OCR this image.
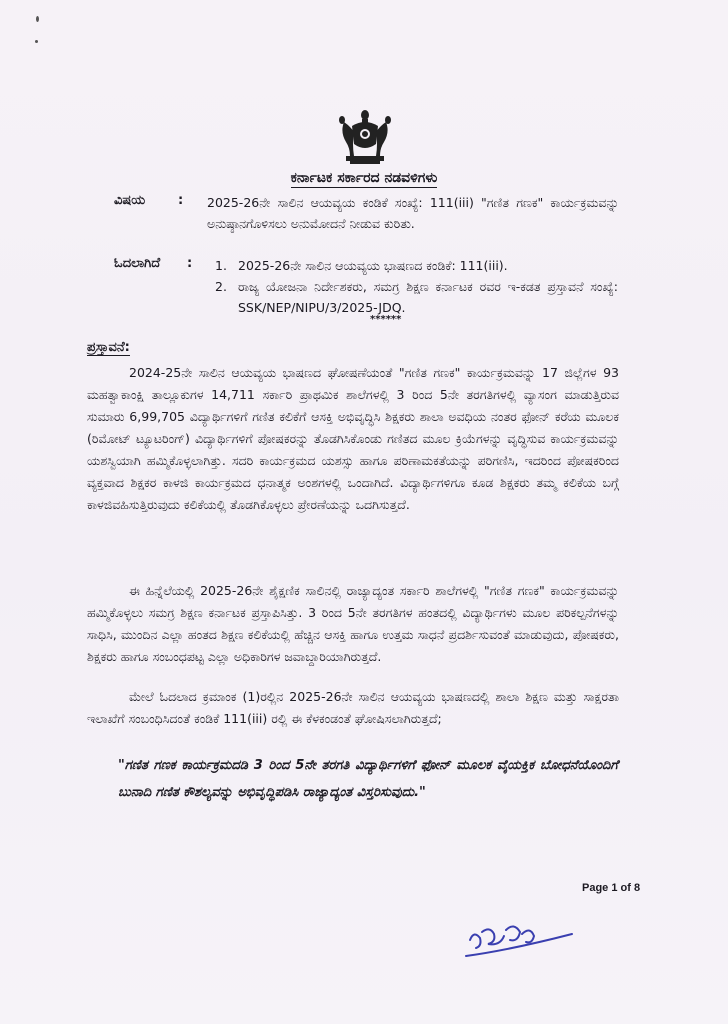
ಕರ್ನಾಟಕ ಸರ್ಕಾರದ ನಡವಳಿಗಳು
ವಿಷಯ	: 2025-26ನೇ ಸಾಲಿನ ಆಯವ್ಯಯ ಕಂಡಿಕೆ ಸಂಖ್ಯೆ: 111(iii) "ಗಣಿತ ಗಣಕ" ಕಾರ್ಯಕ್ರಮವನ್ನು ಅನುಷ್ಠಾನಗೊಳಿಸಲು ಅನುಮೋದನೆ ನೀಡುವ ಕುರಿತು.
ಓದಲಾಗಿದೆ : 1. 2025-26ನೇ ಸಾಲಿನ ಆಯವ್ಯಯ ಭಾಷಣದ ಕಂಡಿಕೆ: 111(iii).
2. ರಾಜ್ಯ ಯೋಜನಾ ನಿರ್ದೇಶಕರು, ಸಮಗ್ರ ಶಿಕ್ಷಣ ಕರ್ನಾಟಕ ರವರ ಇ-ಕಡತ ಪ್ರಸ್ತಾವನೆ ಸಂಖ್ಯೆ: SSK/NEP/NIPU/3/2025-JDQ.
******
ಪ್ರಸ್ತಾವನೆ:
2024-25ನೇ ಸಾಲಿನ ಆಯವ್ಯಯ ಭಾಷಣದ ಘೋಷಣೆಯಂತೆ "ಗಣಿತ ಗಣಕ" ಕಾರ್ಯಕ್ರಮವನ್ನು 17 ಜಿಲ್ಲೆಗಳ 93 ಮಹತ್ವಾಕಾಂಕ್ಷಿ ತಾಲ್ಲೂಕುಗಳ 14,711 ಸರ್ಕಾರಿ ಪ್ರಾಥಮಿಕ ಶಾಲೆಗಳಲ್ಲಿ 3 ರಿಂದ 5ನೇ ತರಗತಿಗಳಲ್ಲಿ ವ್ಯಾಸಂಗ ಮಾಡುತ್ತಿರುವ ಸುಮಾರು 6,99,705 ವಿದ್ಯಾರ್ಥಿಗಳಿಗೆ ಗಣಿತ ಕಲಿಕೆಗೆ ಆಸಕ್ತಿ ಅಭಿವೃದ್ಧಿಸಿ ಶಿಕ್ಷಕರು ಶಾಲಾ ಅವಧಿಯ ನಂತರ ಫೋನ್ ಕರೆಯ ಮೂಲಕ (ರಿಮೋಟ್ ಟ್ಯೂಟರಿಂಗ್) ವಿದ್ಯಾರ್ಥಿಗಳಿಗೆ ಪೋಷಕರನ್ನು ತೊಡಗಿಸಿಕೊಂಡು ಗಣಿತದ ಮೂಲ ಕ್ರಿಯೆಗಳನ್ನು ವೃದ್ಧಿಸುವ ಕಾರ್ಯಕ್ರಮವನ್ನು ಯಶಸ್ವಿಯಾಗಿ ಹಮ್ಮಿಕೊಳ್ಳಲಾಗಿತ್ತು. ಸದರಿ ಕಾರ್ಯಕ್ರಮದ ಯಶಸ್ಸು ಹಾಗೂ ಪರಿಣಾಮಕತೆಯನ್ನು ಪರಿಗಣಿಸಿ, ಇದರಿಂದ ಪೋಷಕರಿಂದ ವ್ಯಕ್ತವಾದ ಶಿಕ್ಷಕರ ಕಾಳಜಿ ಕಾರ್ಯಕ್ರಮದ ಧನಾತ್ಮಕ ಅಂಶಗಳಲ್ಲಿ ಒಂದಾಗಿದೆ. ವಿದ್ಯಾರ್ಥಿಗಳಿಗೂ ಕೂಡ ಶಿಕ್ಷಕರು ತಮ್ಮ ಕಲಿಕೆಯ ಬಗ್ಗೆ ಕಾಳಜಿವಹಿಸುತ್ತಿರುವುದು ಕಲಿಕೆಯಲ್ಲಿ ತೊಡಗಿಕೊಳ್ಳಲು ಪ್ರೇರಣೆಯನ್ನು ಒದಗಿಸುತ್ತದೆ.
ಈ ಹಿನ್ನೆಲೆಯಲ್ಲಿ 2025-26ನೇ ಶೈಕ್ಷಣಿಕ ಸಾಲಿನಲ್ಲಿ ರಾಜ್ಯಾದ್ಯಂತ ಸರ್ಕಾರಿ ಶಾಲೆಗಳಲ್ಲಿ "ಗಣಿತ ಗಣಕ" ಕಾರ್ಯಕ್ರಮವನ್ನು ಹಮ್ಮಿಕೊಳ್ಳಲು ಸಮಗ್ರ ಶಿಕ್ಷಣ ಕರ್ನಾಟಕ ಪ್ರಸ್ತಾಪಿಸಿತ್ತು. 3 ರಿಂದ 5ನೇ ತರಗತಿಗಳ ಹಂತದಲ್ಲಿ ವಿದ್ಯಾರ್ಥಿಗಳು ಮೂಲ ಪರಿಕಲ್ಪನೆಗಳನ್ನು ಸಾಧಿಸಿ, ಮುಂದಿನ ಎಲ್ಲಾ ಹಂತದ ಶಿಕ್ಷಣ ಕಲಿಕೆಯಲ್ಲಿ ಹೆಚ್ಚಿನ ಆಸಕ್ತಿ ಹಾಗೂ ಉತ್ತಮ ಸಾಧನೆ ಪ್ರದರ್ಶಿಸುವಂತೆ ಮಾಡುವುದು, ಪೋಷಕರು, ಶಿಕ್ಷಕರು ಹಾಗೂ ಸಂಬಂಧಪಟ್ಟ ಎಲ್ಲಾ ಅಧಿಕಾರಿಗಳ ಜವಾಬ್ದಾರಿಯಾಗಿರುತ್ತದೆ.
ಮೇಲೆ ಓದಲಾದ ಕ್ರಮಾಂಕ (1)ರಲ್ಲಿನ 2025-26ನೇ ಸಾಲಿನ ಆಯವ್ಯಯ ಭಾಷಣದಲ್ಲಿ ಶಾಲಾ ಶಿಕ್ಷಣ ಮತ್ತು ಸಾಕ್ಷರತಾ ಇಲಾಖೆಗೆ ಸಂಬಂಧಿಸಿದಂತೆ ಕಂಡಿಕೆ 111(iii) ರಲ್ಲಿ ಈ ಕೆಳಕಂಡಂತೆ ಘೋಷಿಸಲಾಗಿರುತ್ತದೆ;
"ಗಣಿತ ಗಣಕ ಕಾರ್ಯಕ್ರಮದಡಿ 3 ರಿಂದ 5ನೇ ತರಗತಿ ವಿದ್ಯಾರ್ಥಿಗಳಿಗೆ ಫೋನ್ ಮೂಲಕ ವೈಯಕ್ತಿಕ ಬೋಧನೆಯೊಂದಿಗೆ ಬುನಾದಿ ಗಣಿತ ಕೌಶಲ್ಯವನ್ನು ಅಭಿವೃದ್ಧಿಪಡಿಸಿ ರಾಜ್ಯಾದ್ಯಂತ ವಿಸ್ತರಿಸುವುದು."
Page 1 of 8
